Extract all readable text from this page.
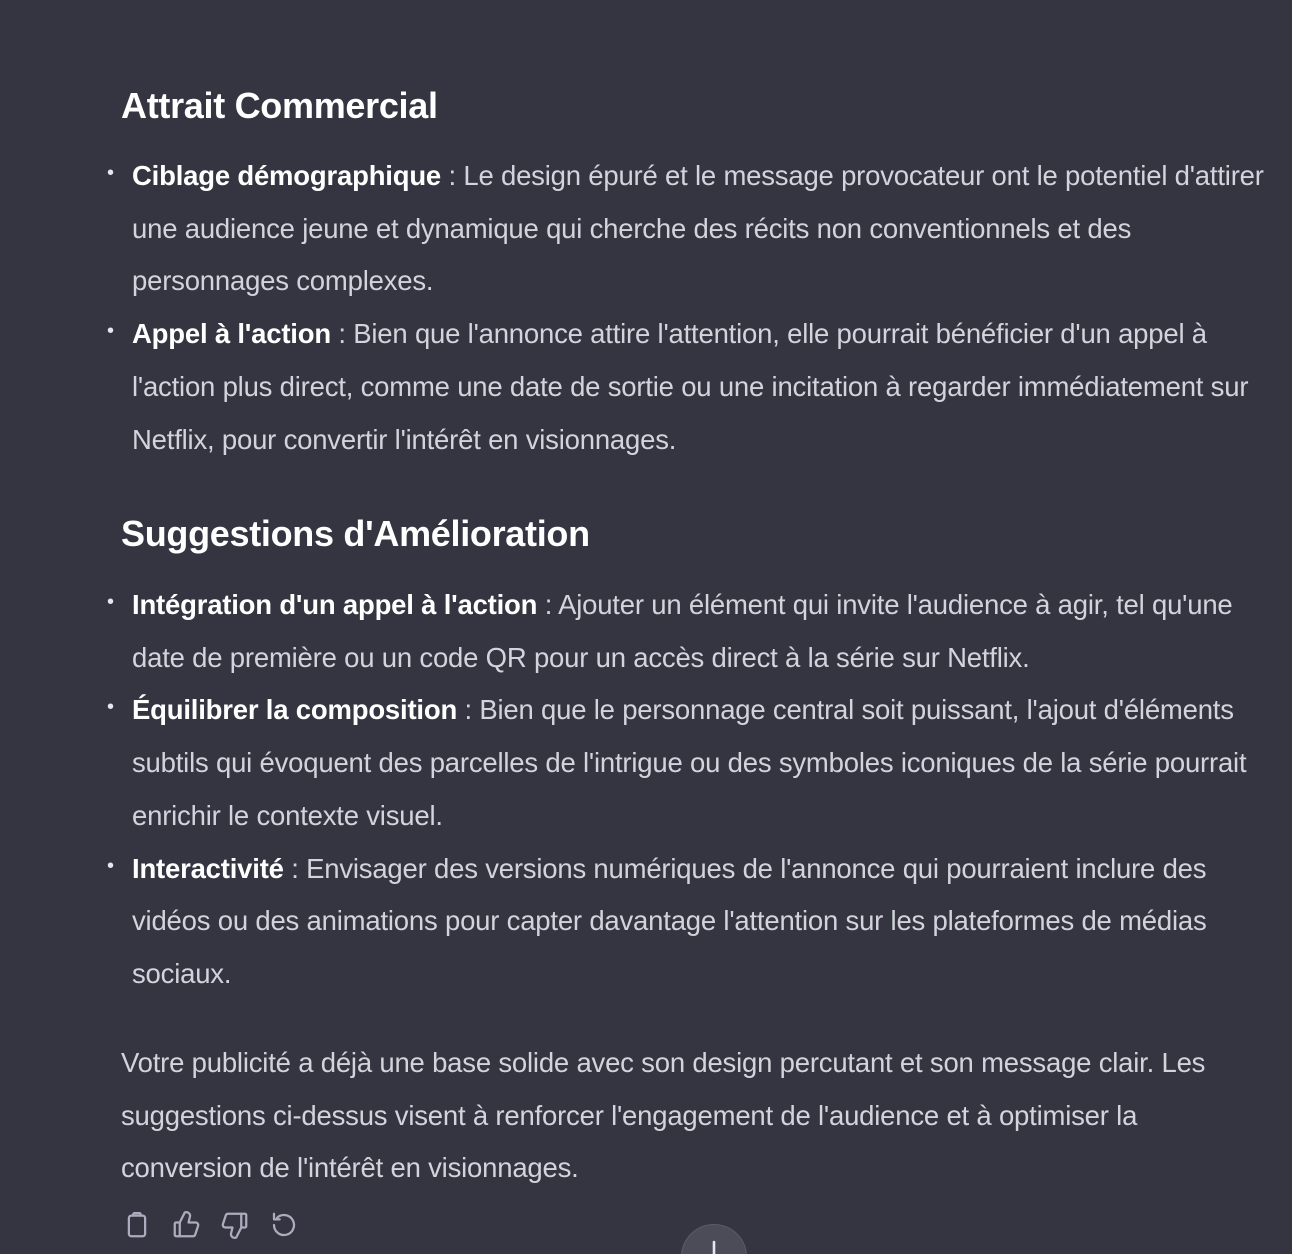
Attrait Commercial
• Ciblage démographique : Le design épuré et le message provocateur ont le potentiel d'attirer une audience jeune et dynamique qui cherche des récits non conventionnels et des personnages complexes.
• Appel à l'action : Bien que l'annonce attire l'attention, elle pourrait bénéficier d'un appel à l'action plus direct, comme une date de sortie ou une incitation à regarder immédiatement sur Netflix, pour convertir l'intérêt en visionnages.
Suggestions d'Amélioration
• Intégration d'un appel à l'action : Ajouter un élément qui invite l'audience à agir, tel qu'une date de première ou un code QR pour un accès direct à la série sur Netflix.
• Équilibrer la composition : Bien que le personnage central soit puissant, l'ajout d'éléments subtils qui évoquent des parcelles de l'intrigue ou des symboles iconiques de la série pourrait enrichir le contexte visuel.
• Interactivité : Envisager des versions numériques de l'annonce qui pourraient inclure des vidéos ou des animations pour capter davantage l'attention sur les plateformes de médias sociaux.

Votre publicité a déjà une base solide avec son design percutant et son message clair. Les suggestions ci-dessus visent à renforcer l'engagement de l'audience et à optimiser la conversion de l'intérêt en visionnages.
